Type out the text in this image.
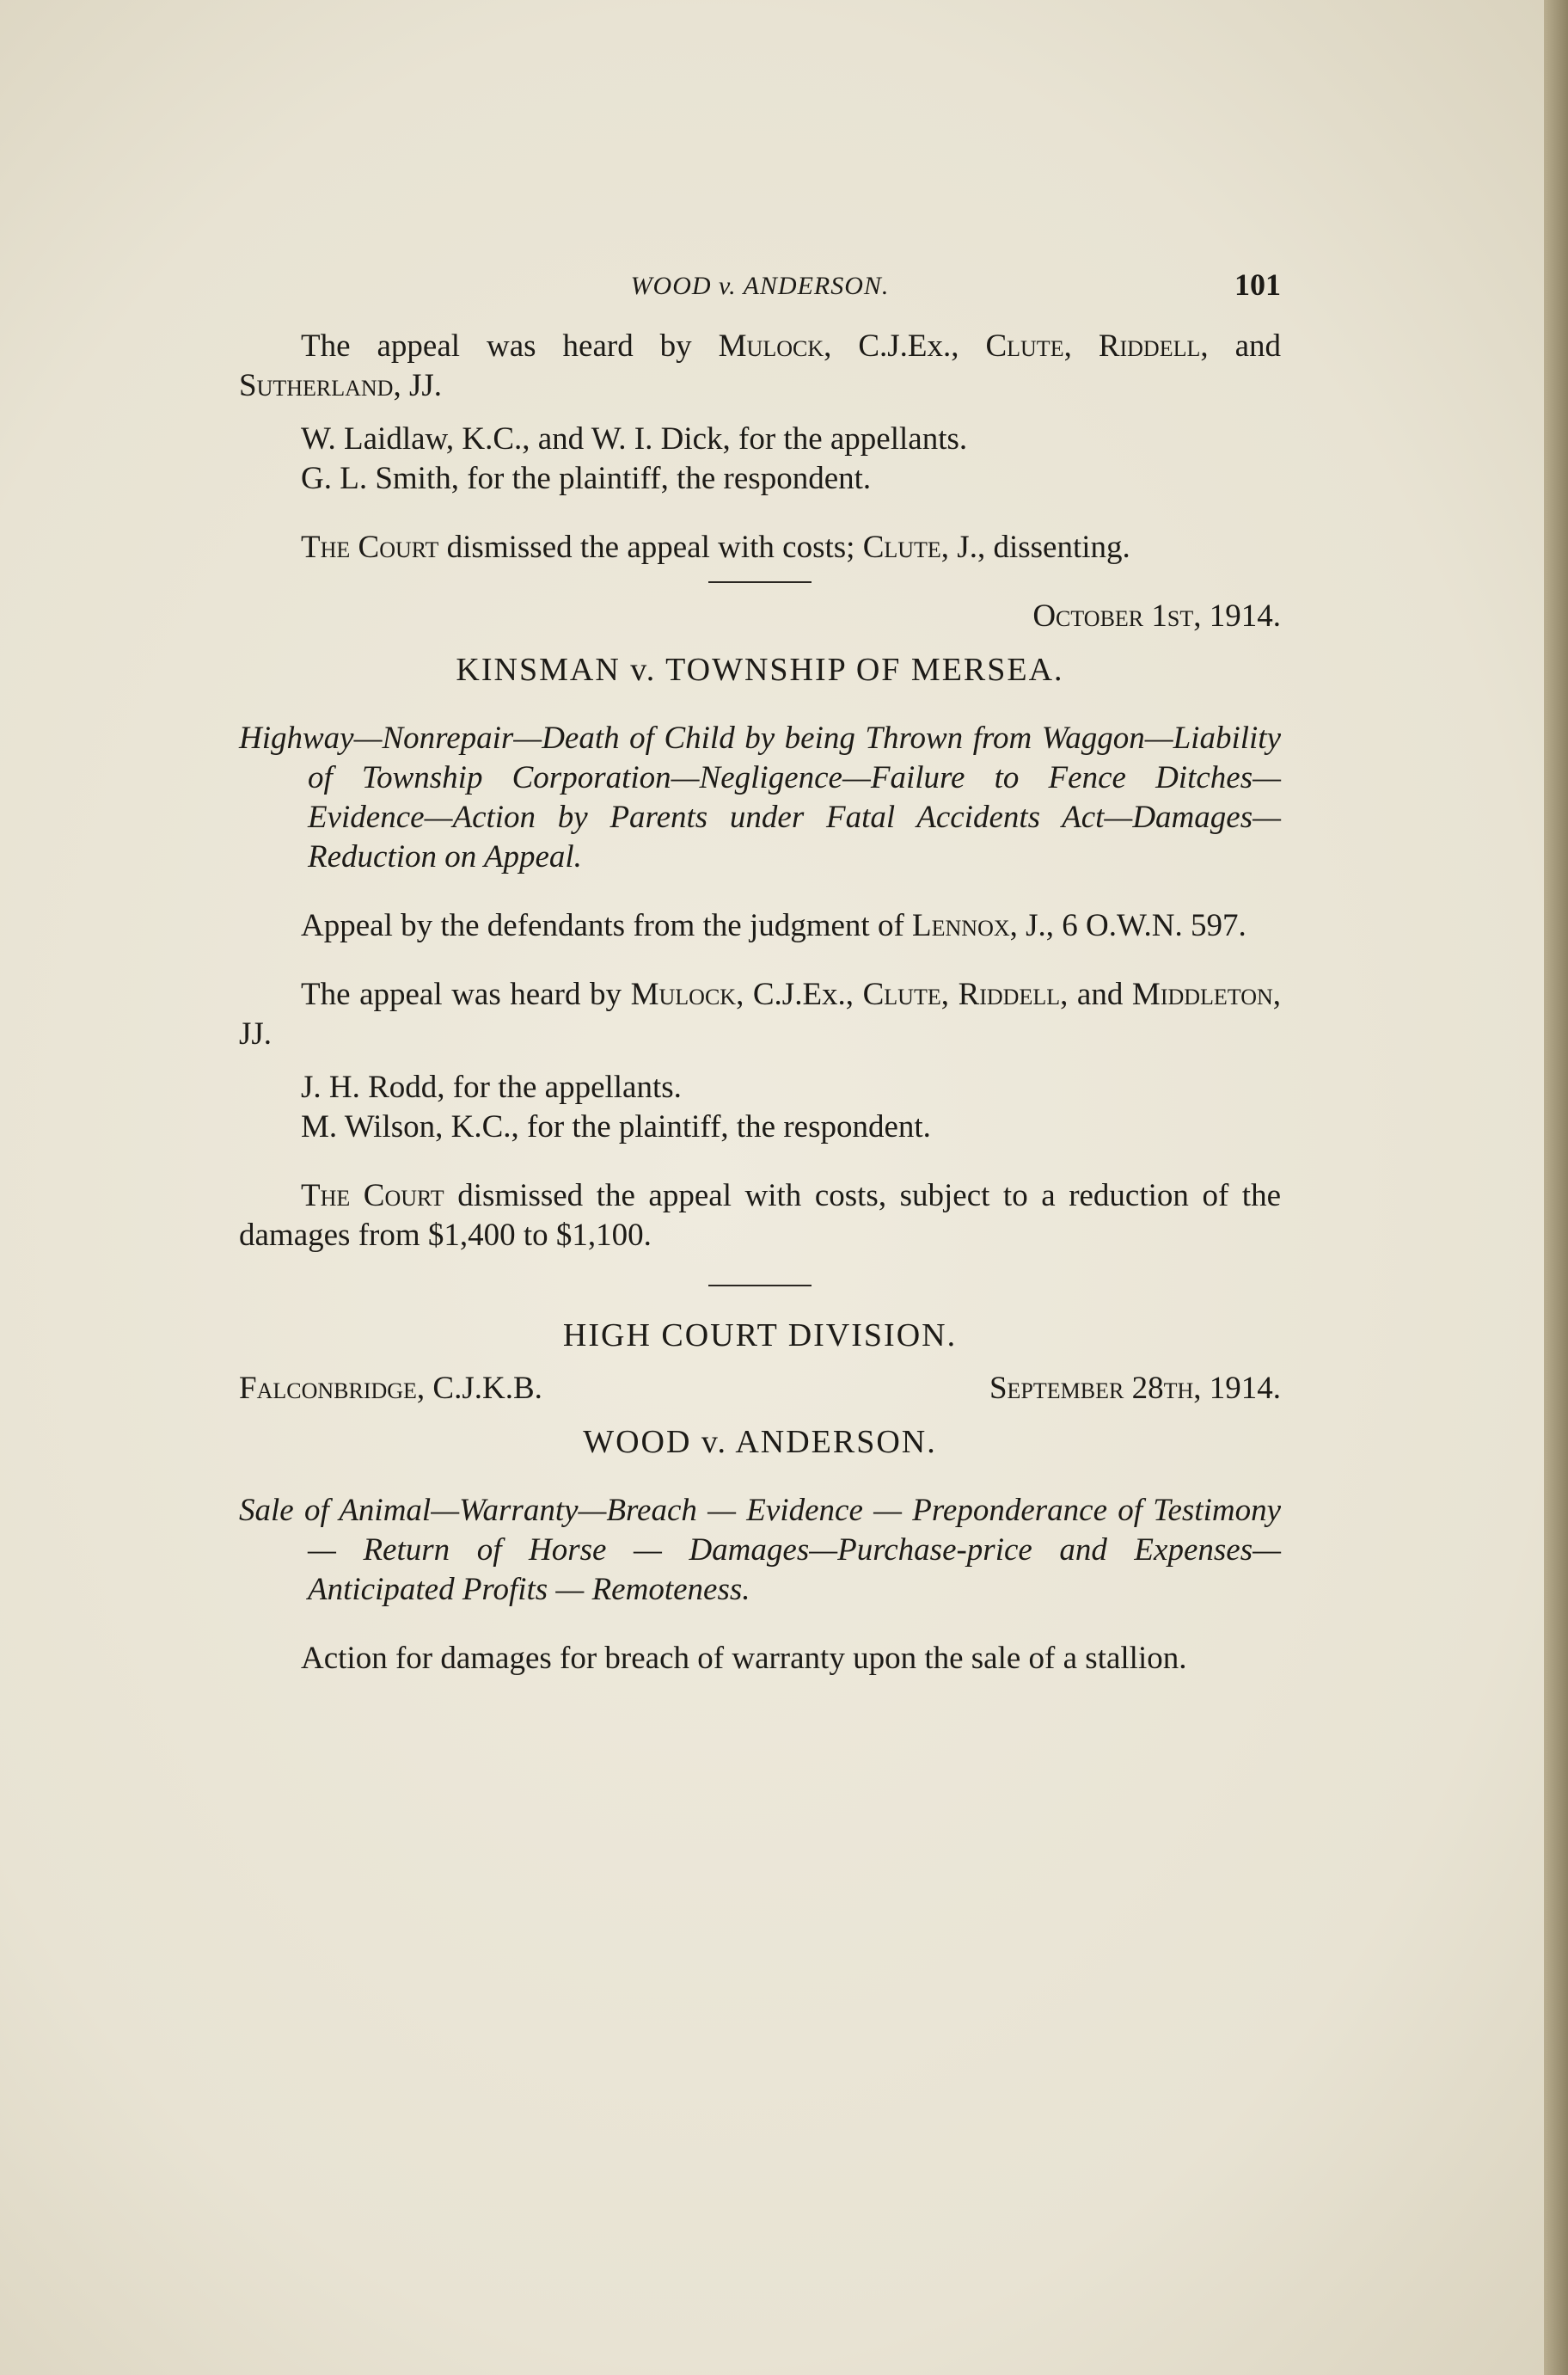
WOOD v. ANDERSON.	101

The appeal was heard by Mulock, C.J.Ex., Clute, Riddell, and Sutherland, JJ.

W. Laidlaw, K.C., and W. I. Dick, for the appellants.

G. L. Smith, for the plaintiff, the respondent.

The Court dismissed the appeal with costs; Clute, J., dissenting.

October 1st, 1914.

KINSMAN v. TOWNSHIP OF MERSEA.

Highway—Nonrepair—Death of Child by being Thrown from Waggon—Liability of Township Corporation—Negligence—Failure to Fence Ditches—Evidence—Action by Parents under Fatal Accidents Act—Damages—Reduction on Appeal.

Appeal by the defendants from the judgment of Lennox, J., 6 O.W.N. 597.

The appeal was heard by Mulock, C.J.Ex., Clute, Riddell, and Middleton, JJ.

J. H. Rodd, for the appellants.

M. Wilson, K.C., for the plaintiff, the respondent.

The Court dismissed the appeal with costs, subject to a reduction of the damages from $1,400 to $1,100.

HIGH COURT DIVISION.

Falconbridge, C.J.K.B.	September 28th, 1914.

WOOD v. ANDERSON.

Sale of Animal—Warranty—Breach — Evidence — Preponderance of Testimony — Return of Horse — Damages—Purchase-price and Expenses—Anticipated Profits — Remoteness.

Action for damages for breach of warranty upon the sale of a stallion.
